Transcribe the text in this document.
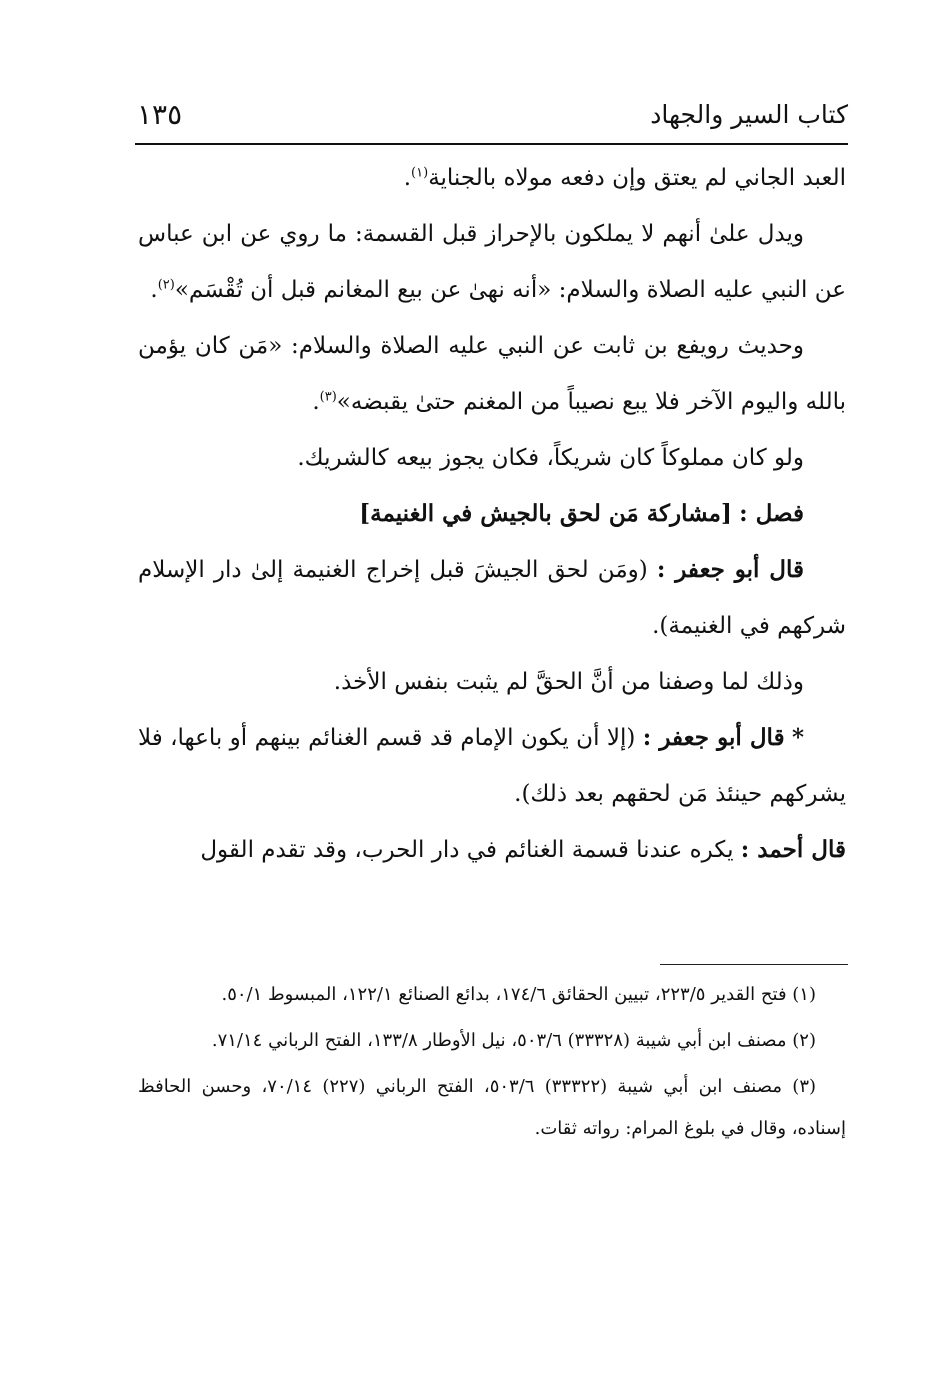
كتاب السير والجهاد
١٣٥

العبد الجاني لم يعتق وإن دفعه مولاه بالجناية$^{(١)}$.

ويدل علىٰ أنهم لا يملكون بالإحراز قبل القسمة: ما روي عن ابن عباس عن النبي عليه الصلاة والسلام: «أنه نهىٰ عن بيع المغانم قبل أن تُقْسَم»$^{(٢)}$.

وحديث رويفع بن ثابت عن النبي عليه الصلاة والسلام: «مَن كان يؤمن بالله واليوم الآخر فلا يبع نصيباً من المغنم حتىٰ يقبضه»$^{(٣)}$.

ولو كان مملوكاً كان شريكاً، فكان يجوز بيعه كالشريك.

فصل : [مشاركة مَن لحق بالجيش في الغنيمة]

قال أبو جعفر : (ومَن لحق الجيشَ قبل إخراج الغنيمة إلىٰ دار الإسلام شركهم في الغنيمة).

وذلك لما وصفنا من أنَّ الحقَّ لم يثبت بنفس الأخذ.

* قال أبو جعفر : (إلا أن يكون الإمام قد قسم الغنائم بينهم أو باعها، فلا يشركهم حينئذ مَن لحقهم بعد ذلك).

قال أحمد : يكره عندنا قسمة الغنائم في دار الحرب، وقد تقدم القول

(١) فتح القدير ٢٢٣/٥، تبيين الحقائق ١٧٤/٦، بدائع الصنائع ١٢٢/١، المبسوط ٥٠/١.

(٢) مصنف ابن أبي شيبة (٣٣٣٢٨) ٥٠٣/٦، نيل الأوطار ١٣٣/٨، الفتح الرباني ٧١/١٤.

(٣) مصنف ابن أبي شيبة (٣٣٣٢٢) ٥٠٣/٦، الفتح الرباني (٢٢٧) ٧٠/١٤، وحسن الحافظ إسناده، وقال في بلوغ المرام: رواته ثقات.
